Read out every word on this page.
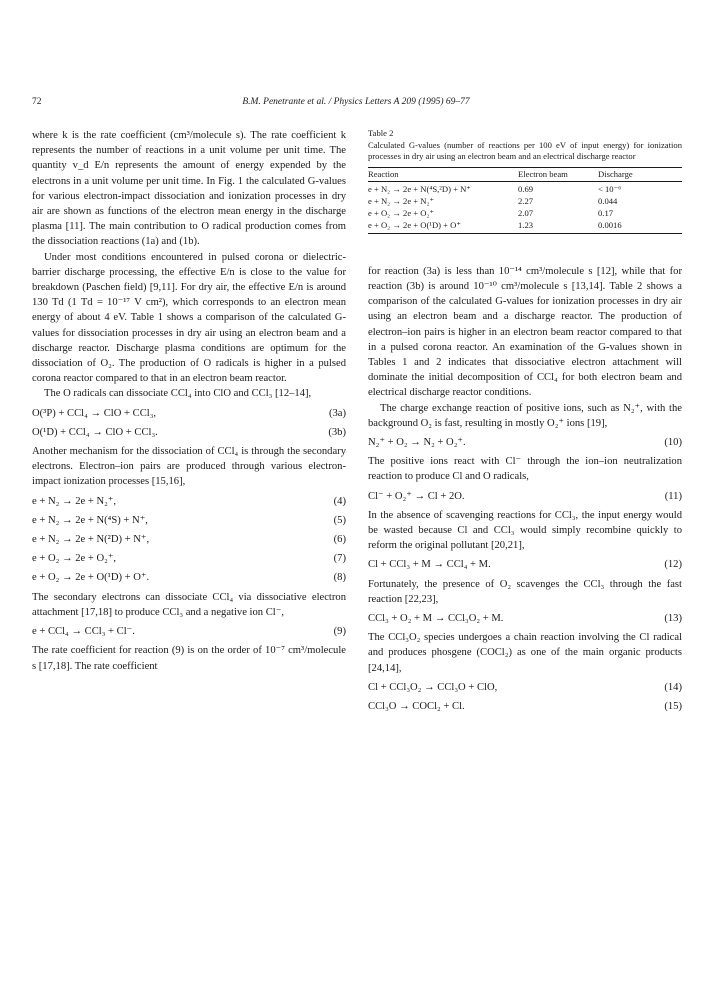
72	B.M. Penetrante et al. / Physics Letters A 209 (1995) 69–77

where k is the rate coefficient (cm³/molecule s). The rate coefficient k represents the number of reactions in a unit volume per unit time. The quantity v_d E/n represents the amount of energy expended by the electrons in a unit volume per unit time. In Fig. 1 the calculated G-values for various electron-impact dissociation and ionization processes in dry air are shown as functions of the electron mean energy in the discharge plasma [11]. The main contribution to O radical production comes from the dissociation reactions (1a) and (1b).

Under most conditions encountered in pulsed corona or dielectric-barrier discharge processing, the effective E/n is close to the value for breakdown (Paschen field) [9,11]. For dry air, the effective E/n is around 130 Td (1 Td = 10⁻¹⁷ V cm²), which corresponds to an electron mean energy of about 4 eV. Table 1 shows a comparison of the calculated G-values for dissociation processes in dry air using an electron beam and a discharge reactor. Discharge plasma conditions are optimum for the dissociation of O₂. The production of O radicals is higher in a pulsed corona reactor compared to that in an electron beam reactor.

The O radicals can dissociate CCl₄ into ClO and CCl₃ [12–14],

O(³P) + CCl₄ → ClO + CCl₃,	(3a)
O(¹D) + CCl₄ → ClO + CCl₃.	(3b)

Another mechanism for the dissociation of CCl₄ is through the secondary electrons. Electron–ion pairs are produced through various electron-impact ionization processes [15,16],

e + N₂ → 2e + N₂⁺,	(4)
e + N₂ → 2e + N(⁴S) + N⁺,	(5)
e + N₂ → 2e + N(²D) + N⁺,	(6)
e + O₂ → 2e + O₂⁺,	(7)
e + O₂ → 2e + O(¹D) + O⁺.	(8)

The secondary electrons can dissociate CCl₄ via dissociative electron attachment [17,18] to produce CCl₃ and a negative ion Cl⁻,

e + CCl₄ → CCl₃ + Cl⁻.	(9)

The rate coefficient for reaction (9) is on the order of 10⁻⁷ cm³/molecule s [17,18]. The rate coefficient

Table 2
Calculated G-values (number of reactions per 100 eV of input energy) for ionization processes in dry air using an electron beam and an electrical discharge reactor
Reaction	Electron beam	Discharge
e + N₂ → 2e + N(⁴S,²D) + N⁺	0.69	< 10⁻⁶
e + N₂ → 2e + N₂⁺	2.27	0.044
e + O₂ → 2e + O₂⁺	2.07	0.17
e + O₂ → 2e + O(¹D) + O⁺	1.23	0.0016

for reaction (3a) is less than 10⁻¹⁴ cm³/molecule s [12], while that for reaction (3b) is around 10⁻¹⁰ cm³/molecule s [13,14]. Table 2 shows a comparison of the calculated G-values for ionization processes in dry air using an electron beam and a discharge reactor. The production of electron–ion pairs is higher in an electron beam reactor compared to that in a pulsed corona reactor. An examination of the G-values shown in Tables 1 and 2 indicates that dissociative electron attachment will dominate the initial decomposition of CCl₄ for both electron beam and electrical discharge reactor conditions.

The charge exchange reaction of positive ions, such as N₂⁺, with the background O₂ is fast, resulting in mostly O₂⁺ ions [19],

N₂⁺ + O₂ → N₂ + O₂⁺.	(10)

The positive ions react with Cl⁻ through the ion–ion neutralization reaction to produce Cl and O radicals,

Cl⁻ + O₂⁺ → Cl + 2O.	(11)

In the absence of scavenging reactions for CCl₃, the input energy would be wasted because Cl and CCl₃ would simply recombine quickly to reform the original pollutant [20,21],

Cl + CCl₃ + M → CCl₄ + M.	(12)

Fortunately, the presence of O₂ scavenges the CCl₃ through the fast reaction [22,23],

CCl₃ + O₂ + M → CCl₃O₂ + M.	(13)

The CCl₃O₂ species undergoes a chain reaction involving the Cl radical and produces phosgene (COCl₂) as one of the main organic products [24,14],

Cl + CCl₃O₂ → CCl₃O + ClO,	(14)
CCl₃O → COCl₂ + Cl.	(15)
